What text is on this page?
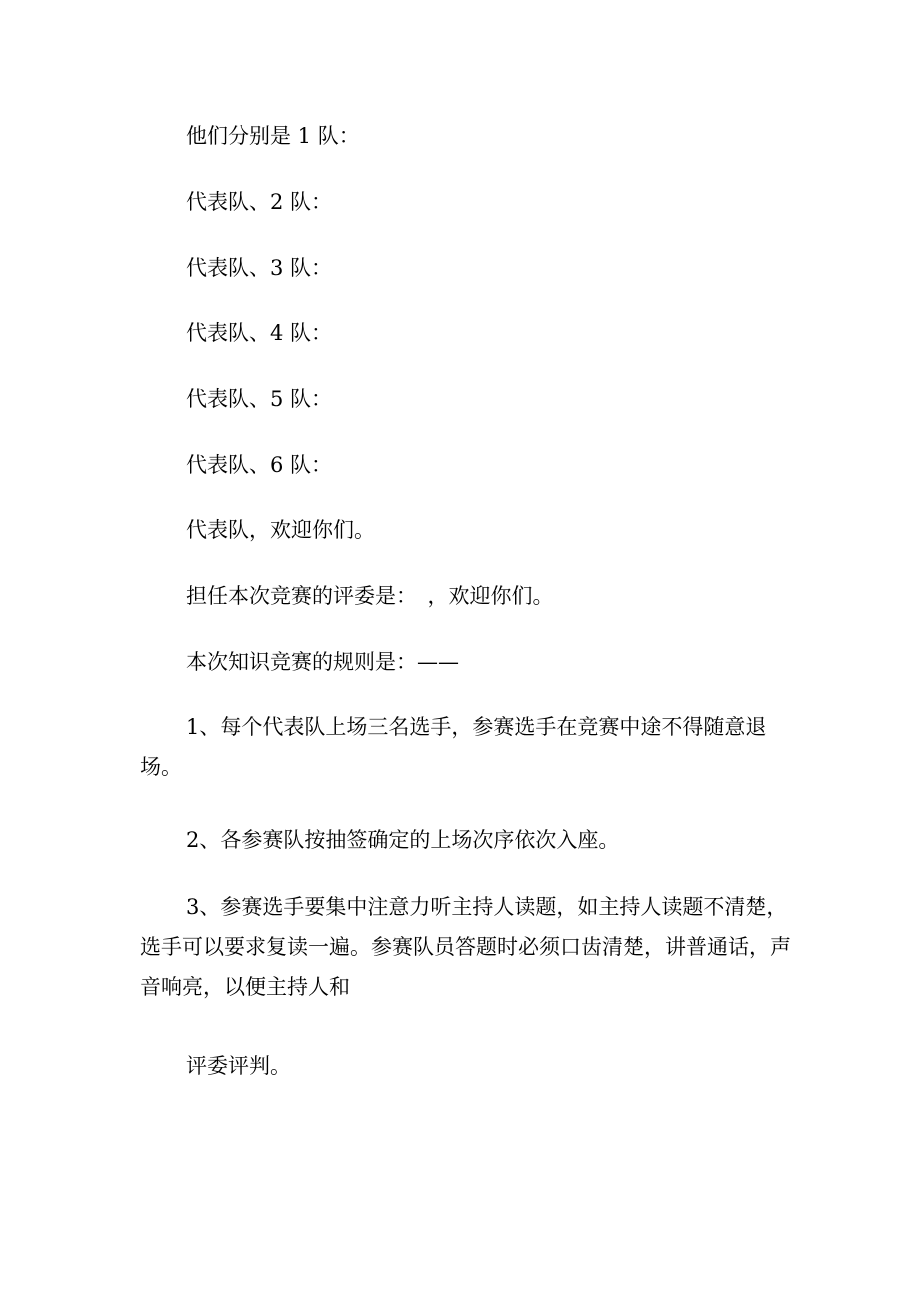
他们分别是 1 队：

代表队、2 队：

代表队、3 队：

代表队、4 队：

代表队、5 队：

代表队、6 队：

代表队，欢迎你们。

担任本次竞赛的评委是：　，欢迎你们。

本次知识竞赛的规则是：——

1、每个代表队上场三名选手，参赛选手在竞赛中途不得随意退场。

2、各参赛队按抽签确定的上场次序依次入座。

3、参赛选手要集中注意力听主持人读题，如主持人读题不清楚，选手可以要求复读一遍。参赛队员答题时必须口齿清楚，讲普通话，声音响亮，以便主持人和

评委评判。
